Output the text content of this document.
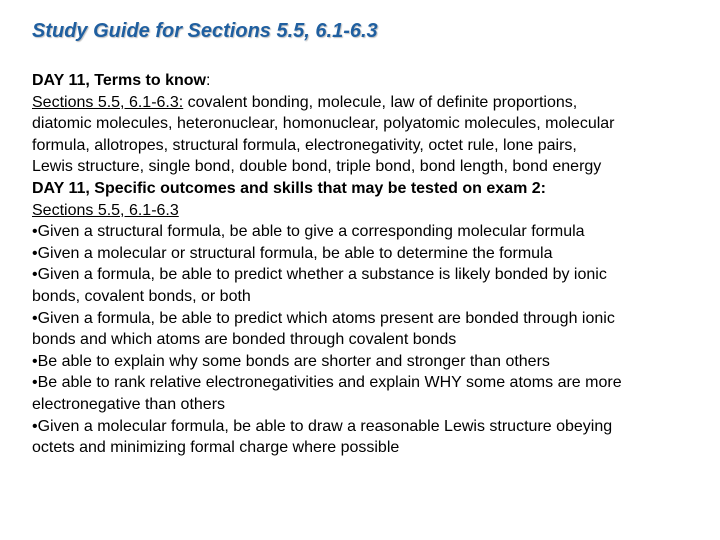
Study Guide for Sections 5.5, 6.1-6.3
DAY 11, Terms to know:
Sections 5.5, 6.1-6.3: covalent bonding, molecule, law of definite proportions,
diatomic molecules, heteronuclear, homonuclear, polyatomic molecules, molecular
formula, allotropes, structural formula, electronegativity, octet rule, lone pairs,
Lewis structure, single bond, double bond, triple bond, bond length, bond energy
DAY 11, Specific outcomes and skills that may be tested on exam 2:
Sections 5.5, 6.1-6.3
•Given a structural formula, be able to give a corresponding molecular formula
•Given a molecular or structural formula, be able to determine the formula
•Given a formula, be able to predict whether a substance is likely bonded by ionic
bonds, covalent bonds, or both
•Given a formula, be able to predict which atoms present are bonded through ionic
bonds and which atoms are bonded through covalent bonds
•Be able to explain why some bonds are shorter and stronger than others
•Be able to rank relative electronegativities and explain WHY some atoms are more
electronegative than others
•Given a molecular formula, be able to draw a reasonable Lewis structure obeying
octets and minimizing formal charge where possible
